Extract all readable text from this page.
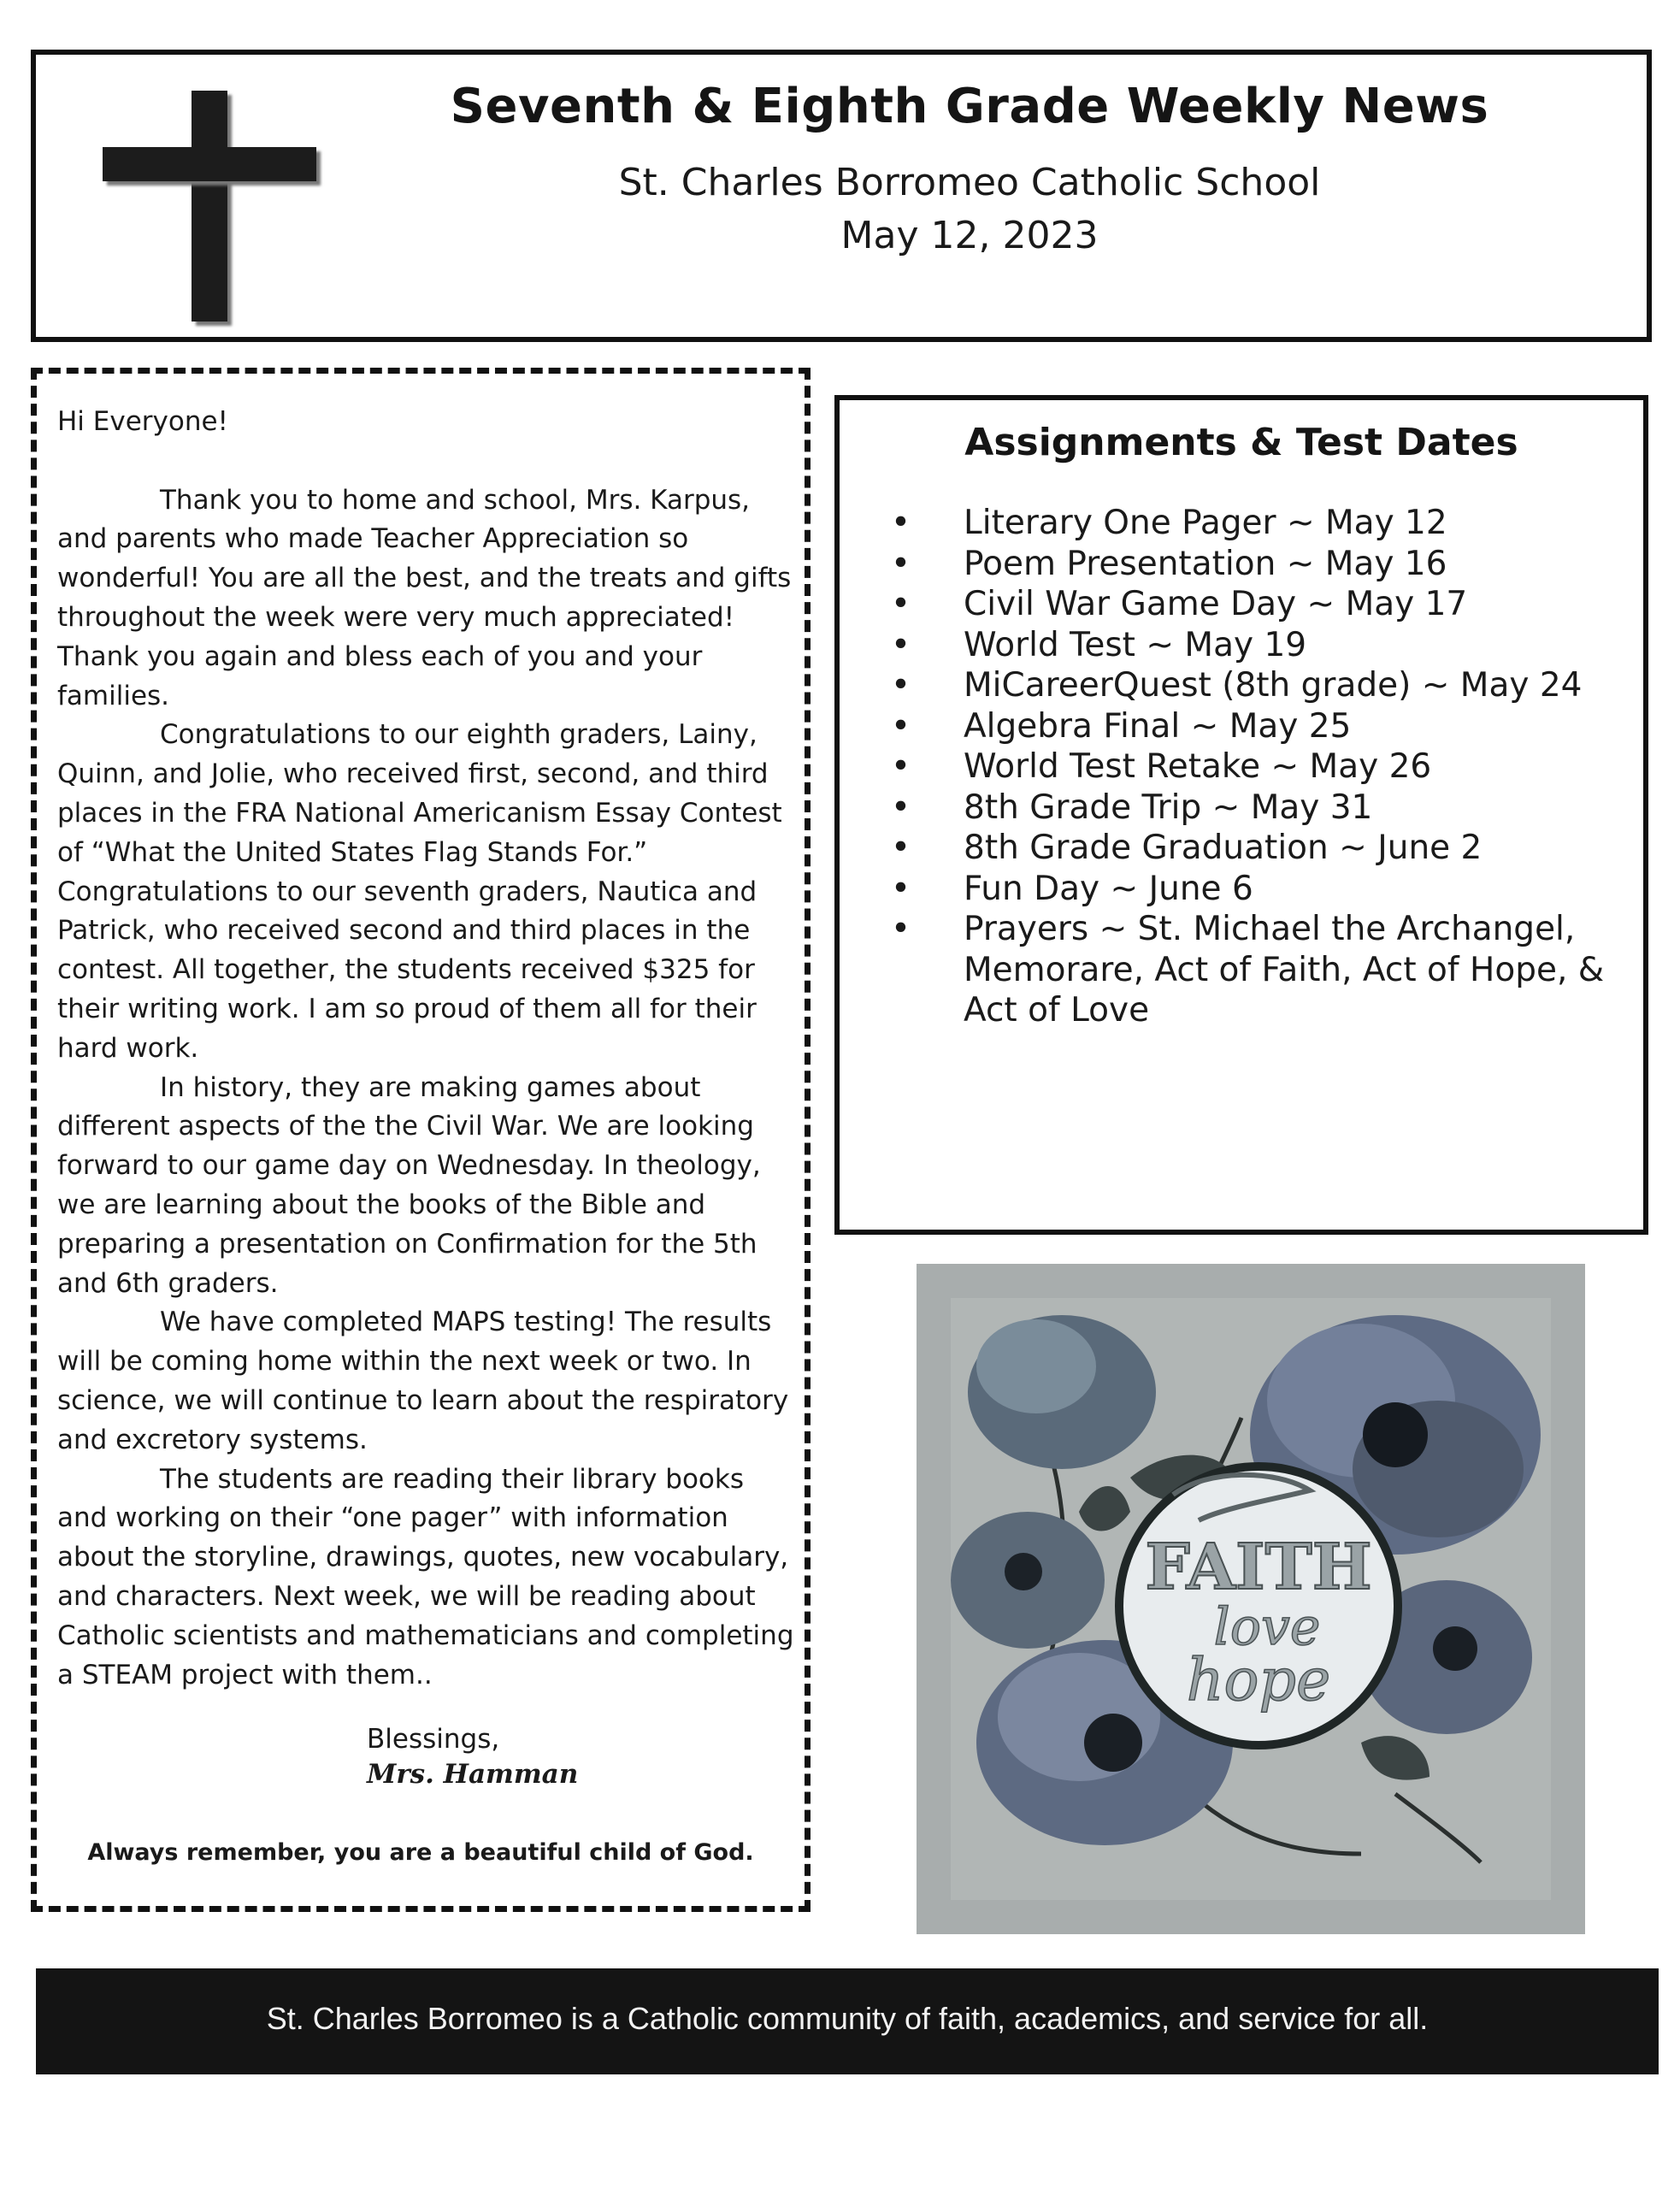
Seventh & Eighth Grade Weekly News
St. Charles Borromeo Catholic School
May 12, 2023

Hi Everyone!

Thank you to home and school, Mrs. Karpus, and parents who made Teacher Appreciation so wonderful! You are all the best, and the treats and gifts throughout the week were very much appreciated! Thank you again and bless each of you and your families.

Congratulations to our eighth graders, Lainy, Quinn, and Jolie, who received first, second, and third places in the FRA National Americanism Essay Contest of “What the United States Flag Stands For.” Congratulations to our seventh graders, Nautica and Patrick, who received second and third places in the contest. All together, the students received $325 for their writing work. I am so proud of them all for their hard work.

In history, they are making games about different aspects of the the Civil War. We are looking forward to our game day on Wednesday. In theology, we are learning about the books of the Bible and preparing a presentation on Confirmation for the 5th and 6th graders.

We have completed MAPS testing! The results will be coming home within the next week or two. In science, we will continue to learn about the respiratory and excretory systems.

The students are reading their library books and working on their “one pager” with information about the storyline, drawings, quotes, new vocabulary, and characters. Next week, we will be reading about Catholic scientists and mathematicians and completing a STEAM project with them..

Blessings,
Mrs. Hamman
Always remember, you are a beautiful child of God.
Assignments & Test Dates
• Literary One Pager ~ May 12
• Poem Presentation ~ May 16
• Civil War Game Day ~ May 17
• World Test ~ May 19
• MiCareerQuest (8th grade) ~ May 24
• Algebra Final ~ May 25
• World Test Retake ~ May 26
• 8th Grade Trip ~ May 31
• 8th Grade Graduation ~ June 2
• Fun Day ~ June 6
• Prayers ~ St. Michael the Archangel, Memorare, Act of Faith, Act of Hope, & Act of Love
FAITH
love
hope
St. Charles Borromeo is a Catholic community of faith, academics, and service for all.
